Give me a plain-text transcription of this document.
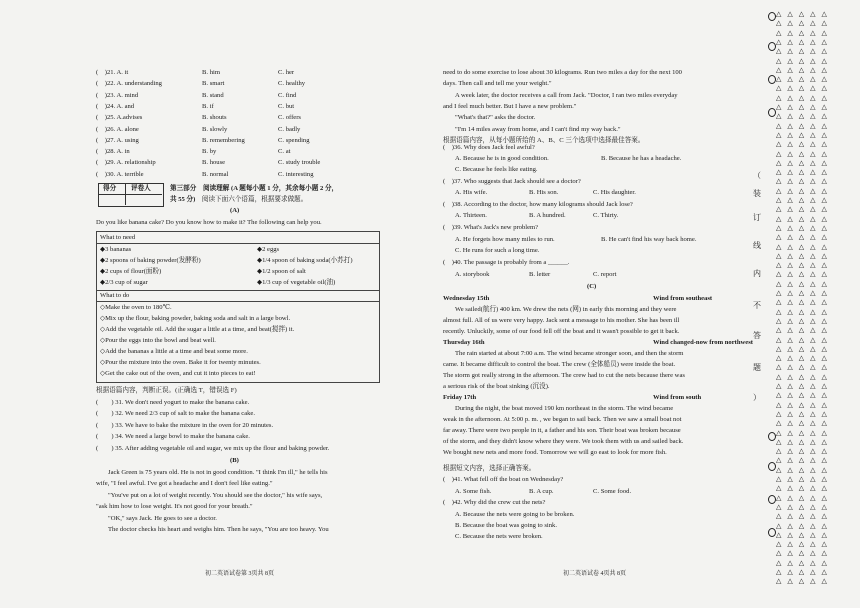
(　)21. A. it	B. him	C. her
(　)22. A. understanding	B. smart	C. healthy
(　)23. A. mind	B. stand	C. find
(　)24. A. and	B. if	C. but
(　)25. A.advises	B. shouts	C. offers
(　)26. A. alone	B. slowly	C. badly
(　)27. A. using	B. remembering	C. spending
(　)28. A. in	B. by	C. at
(　)29. A. relationship	B. house	C. study trouble
(　)30. A. terrible	B. normal	C. interesting
得分 评卷人	第三部分　阅读理解 (A 题每小题 1 分，其余每小题 2 分，
共 55 分)　 阅读下面六个语篇，根据要求做题。
(A)
Do you like banana cake? Do you know how to make it? The following can help you.
What to need
◆3 bananas	◆2 eggs
◆2 spoons of baking powder(发酵粉)	◆1/4 spoon of baking soda(小苏打)
◆2 cups of flour(面粉)	◆1/2 spoon of salt
◆2/3 cup of sugar	◆1/3 cup of vegetable oil(油)
What to do
◇Make the oven to 180℃.
◇Mix up the flour, baking powder, baking soda and salt in a large bowl.
◇Add the vegetable oil. Add the sugar a little at a time, and beat(搅拌) it.
◇Pour the eggs into the bowl and beat well.
◇Add the bananas a little at a time and beat some more.
◇Pour the mixture into the oven. Bake it for twenty minutes.
◇Get the cake out of the oven, and cut it into pieces to eat!
根据语篇内容，判断正误。(正确选 T，错误选 F)
(　　) 31. We don't need yogurt to make the banana cake.
(　　) 32. We need 2/3 cup of salt to make the banana cake.
(　　) 33. We have to bake the mixture in the oven for 20 minutes.
(　　) 34. We need a large bowl to make the banana cake.
(　　) 35. After adding vegetable oil and sugar, we mix up the flour and baking powder.
(B)
Jack Green is 75 years old. He is not in good condition. "I think I'm ill," he tells his
wife, "I feel awful. I've got a headache and I don't feel like eating."
"You've put on a lot of weight recently. You should see the doctor," his wife says,
"ask him how to lose weight. It's not good for your breath."
"OK," says Jack. He goes to see a doctor.
The doctor checks his heart and weighs him. Then he says, "You are too heavy. You
初二英语试卷第 3页共 8页
need to do some exercise to lose about 30 kilograms. Run two miles a day for the next 100
days. Then call and tell me your weight."
A week later, the doctor receives a call from Jack. "Doctor, I ran two miles everyday
and I feel much better. But I have a new problem."
"What's that?" asks the doctor.
"I'm 14 miles away from home, and I can't find my way back."
根据语篇内容，从每小题所给的 A、B、C 三个选项中选择最佳答案。
(　)36. Why does Jack feel awful?
A. Because he is in good condition.	B. Because he has a headache.
C. Because he feels like eating.
(　)37. Who suggests that Jack should see a doctor?
A. His wife.	B. His son.	C. His daughter.
(　)38. According to the doctor, how many kilograms should Jack lose?
A. Thirteen.	B. A hundred.	C. Thirty.
(　)39. What's Jack's new problem?
A. He forgets how many miles to run.	B. He can't find his way back home.
C. He runs for such a long time.
(　)40. The passage is probably from a ______.
A. storybook	B. letter	C. report
(C)
Wednesday 15th	Wind from southeast
We sailed(航行) 400 km. We drew the nets (网) in early this morning and they were
almost full. All of us were very happy. Jack sent a message to his mother. She has been ill
recently. Unluckily, some of our food fell off the boat and it wasn't possible to get it back.
Thursday 16th	Wind changed-now from northwest
The rain started at about 7:00 a.m. The wind became stronger soon, and then the storm
came. It became difficult to control the boat. The crew (全体船员) were inside the boat.
The storm got really strong in the afternoon. The crew had to cut the nets because there was
a serious risk of the boat sinking (沉没).
Friday 17th	Wind from south
During the night, the boat moved 190 km northeast in the storm. The wind became
weak in the afternoon. At 5:00 p. m. , we began to sail back. Then we saw a small boat not
far away. There were two people in it, a father and his son. Their boat was broken because
of the storm, and they didn't know where they were. We took them with us and sailed back.
We bought new nets and more food. Tomorrow we will go east to look for more fish.
根据短文内容，选择正确答案。
(　)41. What fell off the boat on Wednesday?
A. Some fish.	B. A cup.	C. Some food.
(　)42. Why did the crew cut the nets?
A. Because the nets were going to be broken.
B. Because the boat was going to sink.
C. Because the nets were broken.
初二英语试卷 4页共 8页
△△△△△
△△△△△
△△△△△
△△△△△
△△△△△
△△△△△
△△△△△
△△△△△
△△△△△
△△△△△
△△△△△
△△△△△
△△△△△
△△△△△
△△△△△
△△△△△
△△△△△
△△△△△
△△△△△
△△△△△
△△△△△
△△△△△
△△△△△
△△△△△
△△△△△
△△△△△
△△△△△
△△△△△
△△△△△
△△△△△
△△△△△
△△△△△
△△△△△
△△△△△
△△△△△
△△△△△
△△△△△
△△△△△
△△△△△
△△△△△
△△△△△
△△△△△
△△△△△
△△△△△
△△△△△
△△△△△
△△△△△
△△△△△
△△△△△
△△△△△
△△△△△
△△△△△
△△△△△
△△△△△
△△△△△
△△△△△
△△△△△
△△△△△
△△△△△
△△△△△
△△△△△
△△△△△
（
装
订
线
内
不
答
题
）
